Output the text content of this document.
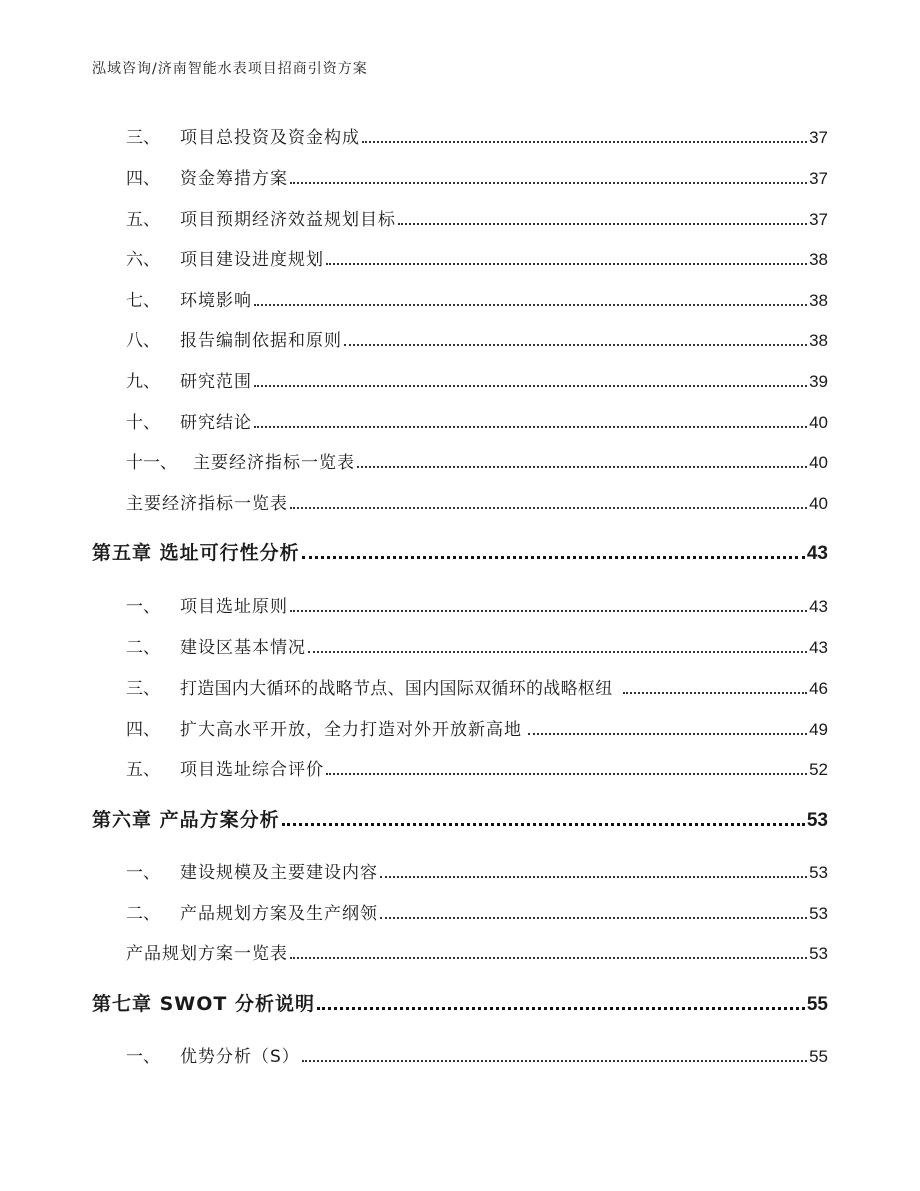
泓域咨询/济南智能水表项目招商引资方案
三、 项目总投资及资金构成	37
四、 资金筹措方案	37
五、 项目预期经济效益规划目标	37
六、 项目建设进度规划	38
七、 环境影响	38
八、 报告编制依据和原则	38
九、 研究范围	39
十、 研究结论	40
十一、 主要经济指标一览表	40
主要经济指标一览表	40
第五章 选址可行性分析	43
一、 项目选址原则	43
二、 建设区基本情况	43
三、 打造国内大循环的战略节点、国内国际双循环的战略枢纽	46
四、 扩大高水平开放，全力打造对外开放新高地	49
五、 项目选址综合评价	52
第六章 产品方案分析	53
一、 建设规模及主要建设内容	53
二、 产品规划方案及生产纲领	53
产品规划方案一览表	53
第七章 SWOT 分析说明	55
一、 优势分析（S）	55
